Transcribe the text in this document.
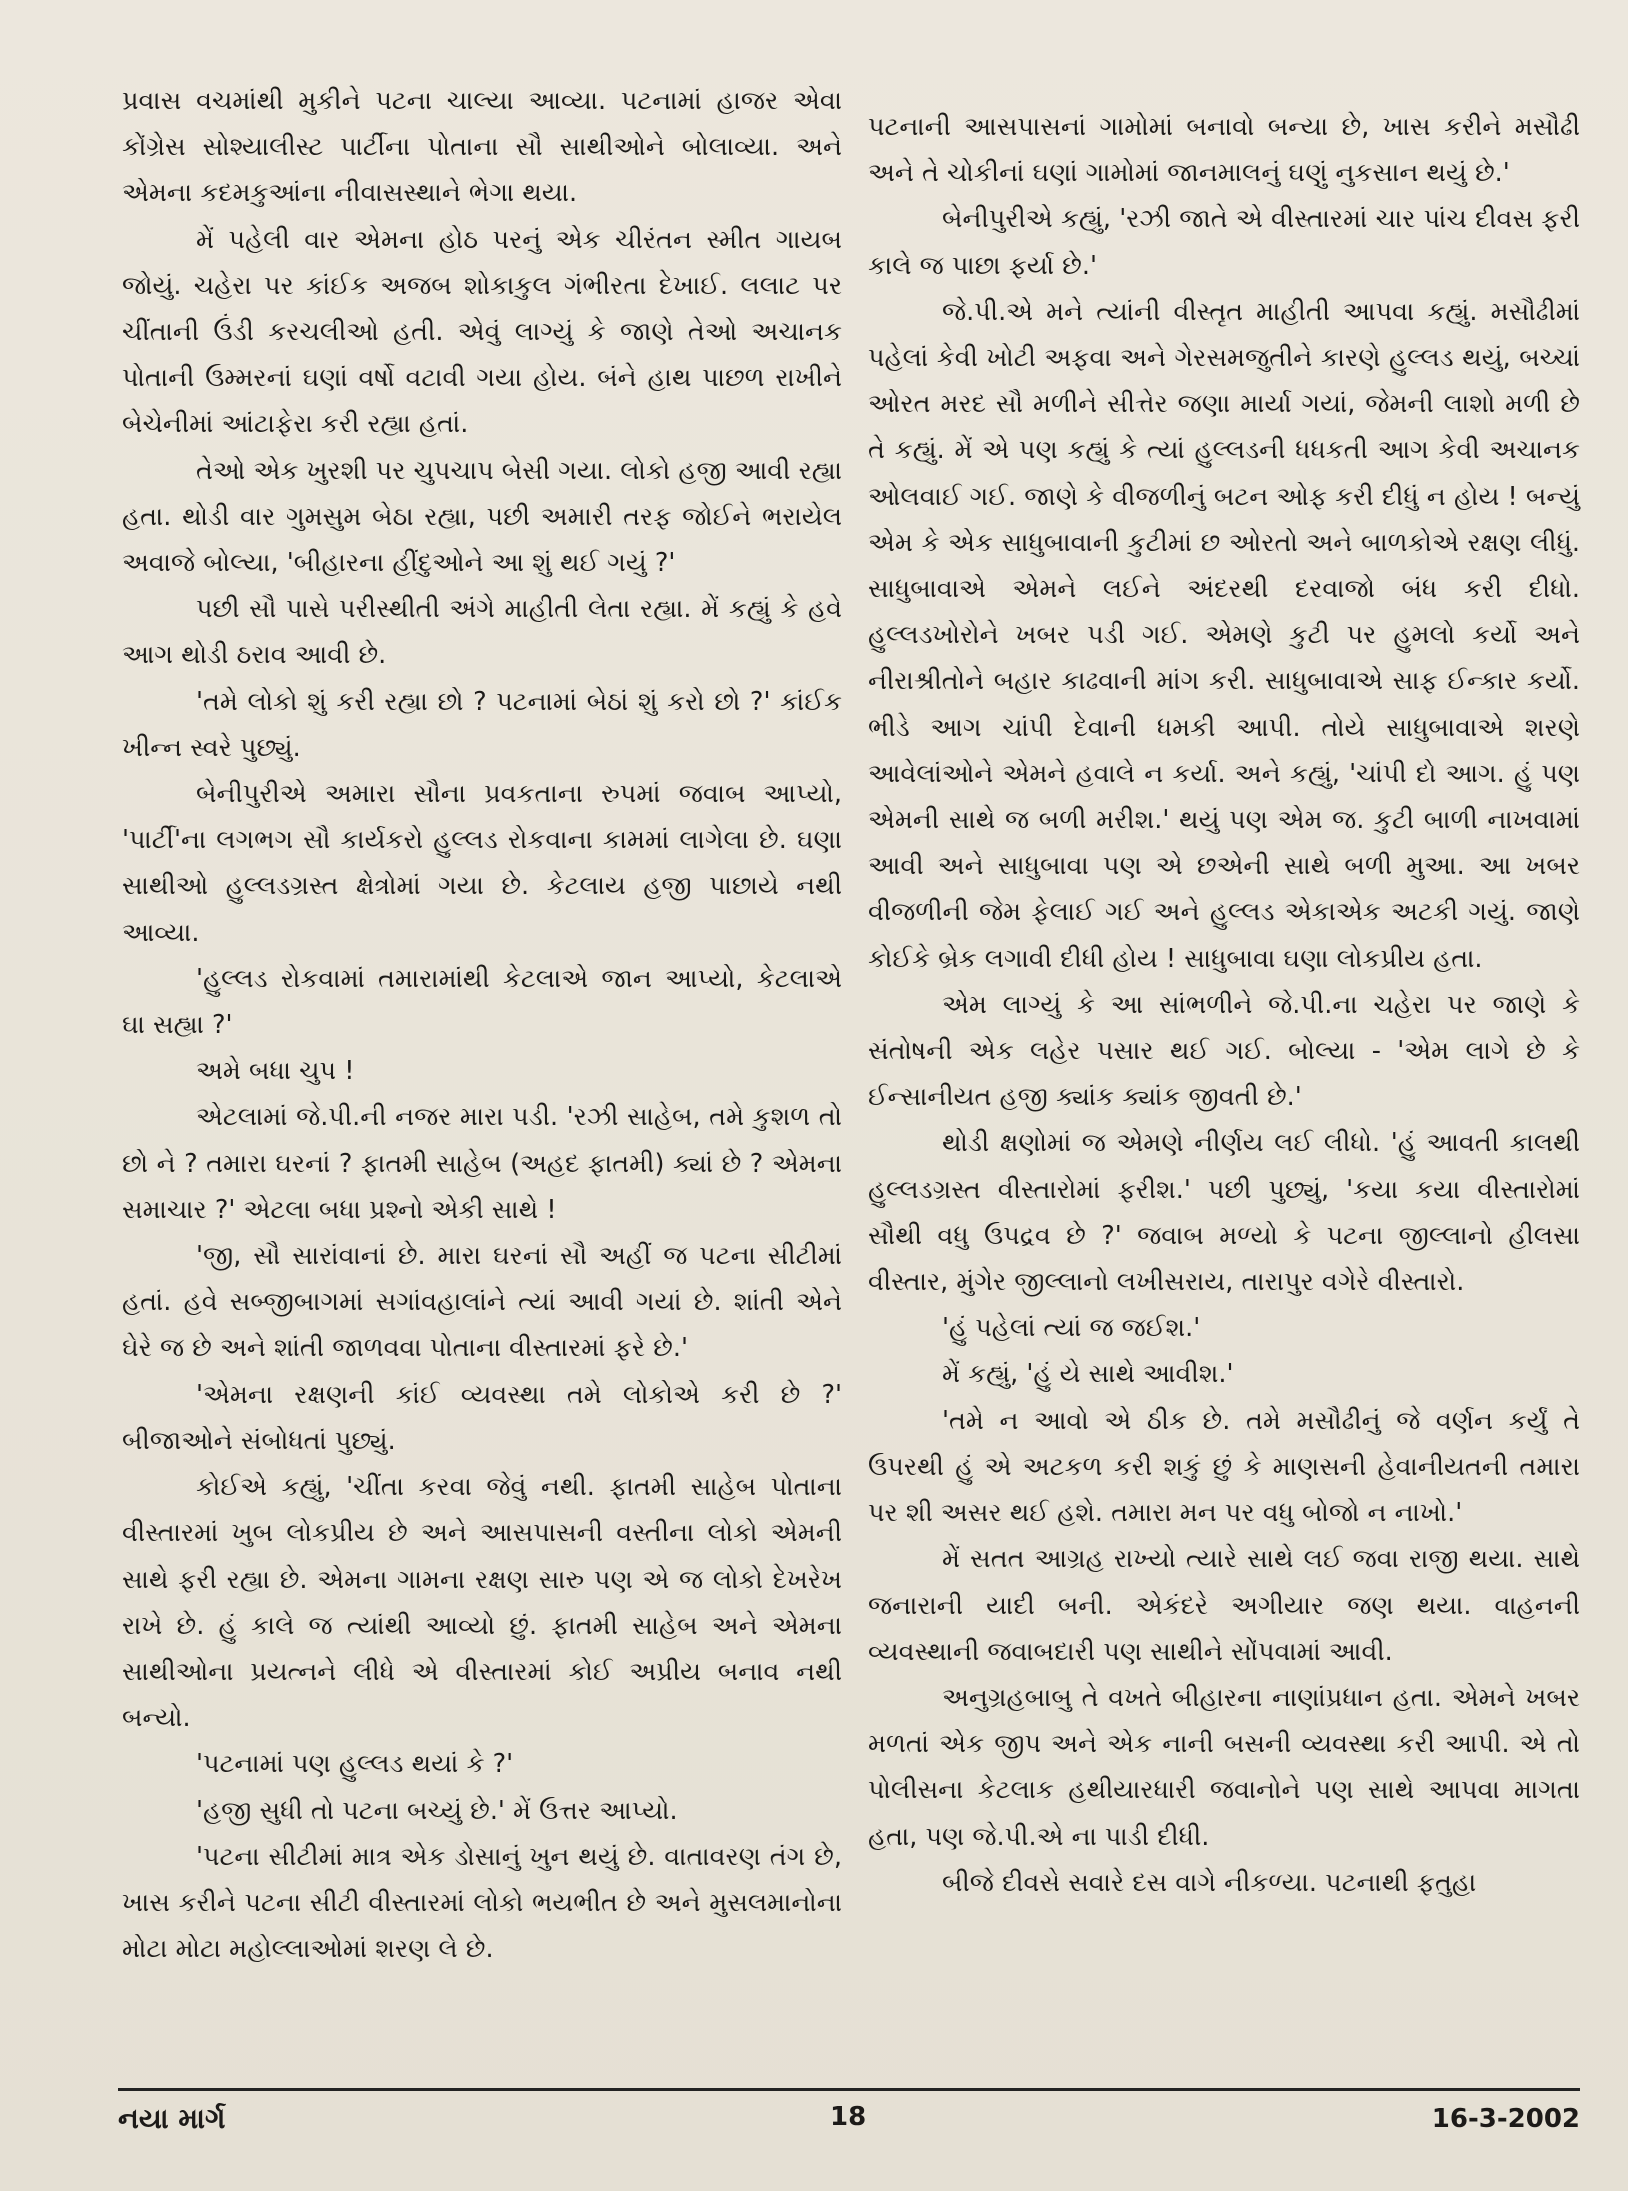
પ્રવાસ વચમાંથી મુકીને પટના ચાલ્યા આવ્યા. પટનામાં હાજર એવા કોંગ્રેસ સોશ્યાલીસ્ટ પાર્ટીના પોતાના સૌ સાથીઓને બોલાવ્યા. અને એમના કદમકુઆંના નીવાસસ્થાને ભેગા થયા.

મેં પહેલી વાર એમના હોઠ પરનું એક ચીરંતન સ્મીત ગાયબ જોયું. ચહેરા પર કાંઈક અજબ શોકાકુલ ગંભીરતા દેખાઈ. લલાટ પર ચીંતાની ઉંડી કરચલીઓ હતી. એવું લાગ્યું કે જાણે તેઓ અચાનક પોતાની ઉમ્મરનાં ઘણાં વર્ષો વટાવી ગયા હોય. બંને હાથ પાછળ રાખીને બેચેનીમાં આંટાફેરા કરી રહ્યા હતાં.

તેઓ એક ખુરશી પર ચુપચાપ બેસી ગયા. લોકો હજી આવી રહ્યા હતા. થોડી વાર ગુમસુમ બેઠા રહ્યા, પછી અમારી તરફ જોઈને ભરાયેલ અવાજે બોલ્યા, 'બીહારના હીંદુઓને આ શું થઈ ગયું ?'

પછી સૌ પાસે પરીસ્થીતી અંગે માહીતી લેતા રહ્યા. મેં કહ્યું કે હવે આગ થોડી ઠરાવ આવી છે.

'તમે લોકો શું કરી રહ્યા છો ? પટનામાં બેઠાં શું કરો છો ?' કાંઈક ખીન્ન સ્વરે પુછ્યું.

બેનીપુરીએ અમારા સૌના પ્રવકતાના રુપમાં જવાબ આપ્યો, 'પાર્ટી'ના લગભગ સૌ કાર્યકરો હુલ્લડ રોકવાના કામમાં લાગેલા છે. ઘણા સાથીઓ હુલ્લડગ્રસ્ત ક્ષેત્રોમાં ગયા છે. કેટલાય હજી પાછાયે નથી આવ્યા.

'હુલ્લડ રોકવામાં તમારામાંથી કેટલાએ જાન આપ્યો, કેટલાએ ઘા સહ્યા ?'

અમે બધા ચુપ !

એટલામાં જે.પી.ની નજર મારા પડી. 'રઝી સાહેબ, તમે કુશળ તો છો ને ? તમારા ઘરનાં ? ફાતમી સાહેબ (અહદ ફાતમી) ક્યાં છે ? એમના સમાચાર ?' એટલા બધા પ્રશ્નો એકી સાથે !

'જી, સૌ સારાંવાનાં છે. મારા ઘરનાં સૌ અહીં જ પટના સીટીમાં હતાં. હવે સબ્જીબાગમાં સગાંવહાલાંને ત્યાં આવી ગયાં છે. શાંતી એને ઘેરે જ છે અને શાંતી જાળવવા પોતાના વીસ્તારમાં ફરે છે.'

'એમના રક્ષણની કાંઈ વ્યવસ્થા તમે લોકોએ કરી છે ?' બીજાઓને સંબોધતાં પુછ્યું.

કોઈએ કહ્યું, 'ચીંતા કરવા જેવું નથી. ફાતમી સાહેબ પોતાના વીસ્તારમાં ખુબ લોકપ્રીય છે અને આસપાસની વસ્તીના લોકો એમની સાથે ફરી રહ્યા છે. એમના ગામના રક્ષણ સારુ પણ એ જ લોકો દેખરેખ રાખે છે. હું કાલે જ ત્યાંથી આવ્યો છું. ફાતમી સાહેબ અને એમના સાથીઓના પ્રયત્નને લીધે એ વીસ્તારમાં કોઈ અપ્રીય બનાવ નથી બન્યો.

'પટનામાં પણ હુલ્લડ થયાં કે ?'

'હજી સુધી તો પટના બચ્યું છે.' મેં ઉત્તર આપ્યો.

'પટના સીટીમાં માત્ર એક ડોસાનું ખુન થયું છે. વાતાવરણ તંગ છે, ખાસ કરીને પટના સીટી વીસ્તારમાં લોકો ભયભીત છે અને મુસલમાનોના મોટા મોટા મહોલ્લાઓમાં શરણ લે છે.

પટનાની આસપાસનાં ગામોમાં બનાવો બન્યા છે, ખાસ કરીને મસૌઢી અને તે ચોકીનાં ઘણાં ગામોમાં જાનમાલનું ઘણું નુકસાન થયું છે.'

બેનીપુરીએ કહ્યું, 'રઝી જાતે એ વીસ્તારમાં ચાર પાંચ દીવસ ફરી કાલે જ પાછા ફર્યા છે.'

જે.પી.એ મને ત્યાંની વીસ્તૃત માહીતી આપવા કહ્યું. મસૌઢીમાં પહેલાં કેવી ખોટી અફવા અને ગેરસમજુતીને કારણે હુલ્લડ થયું, બચ્ચાં ઓરત મરદ સૌ મળીને સીત્તેર જણા માર્યા ગયાં, જેમની લાશો મળી છે તે કહ્યું. મેં એ પણ કહ્યું કે ત્યાં હુલ્લડની ધધકતી આગ કેવી અચાનક ઓલવાઈ ગઈ. જાણે કે વીજળીનું બટન ઓફ કરી દીધું ન હોય ! બન્યું એમ કે એક સાધુબાવાની કુટીમાં છ ઓરતો અને બાળકોએ રક્ષણ લીધું. સાધુબાવાએ એમને લઈને અંદરથી દરવાજો બંધ કરી દીધો. હુલ્લડખોરોને ખબર પડી ગઈ. એમણે કુટી પર હુમલો કર્યો અને નીરાશ્રીતોને બહાર કાઢવાની માંગ કરી. સાધુબાવાએ સાફ ઈન્કાર કર્યો. ભીડે આગ ચાંપી દેવાની ધમકી આપી. તોયે સાધુબાવાએ શરણે આવેલાંઓને એમને હવાલે ન કર્યા. અને કહ્યું, 'ચાંપી દો આગ. હું પણ એમની સાથે જ બળી મરીશ.' થયું પણ એમ જ. કુટી બાળી નાખવામાં આવી અને સાધુબાવા પણ એ છએની સાથે બળી મુઆ. આ ખબર વીજળીની જેમ ફેલાઈ ગઈ અને હુલ્લડ એકાએક અટકી ગયું. જાણે કોઈકે બ્રેક લગાવી દીધી હોય ! સાધુબાવા ઘણા લોકપ્રીય હતા.

એમ લાગ્યું કે આ સાંભળીને જે.પી.ના ચહેરા પર જાણે કે સંતોષની એક લહેર પસાર થઈ ગઈ. બોલ્યા - 'એમ લાગે છે કે ઈન્સાનીયત હજી ક્યાંક ક્યાંક જીવતી છે.'

થોડી ક્ષણોમાં જ એમણે નીર્ણય લઈ લીધો. 'હું આવતી કાલથી હુલ્લડગ્રસ્ત વીસ્તારોમાં ફરીશ.' પછી પુછ્યું, 'કયા કયા વીસ્તારોમાં સૌથી વધુ ઉપદ્રવ છે ?' જવાબ મળ્યો કે પટના જીલ્લાનો હીલસા વીસ્તાર, મુંગેર જીલ્લાનો લખીસરાય, તારાપુર વગેરે વીસ્તારો.

'હું પહેલાં ત્યાં જ જઈશ.'

મેં કહ્યું, 'હું યે સાથે આવીશ.'

'તમે ન આવો એ ઠીક છે. તમે મસૌઢીનું જે વર્ણન કર્યું તે ઉપરથી હું એ અટકળ કરી શકું છું કે માણસની હેવાનીયતની તમારા પર શી અસર થઈ હશે. તમારા મન પર વધુ બોજો ન નાખો.'

મેં સતત આગ્રહ રાખ્યો ત્યારે સાથે લઈ જવા રાજી થયા. સાથે જનારાની યાદી બની. એકંદરે અગીયાર જણ થયા. વાહનની વ્યવસ્થાની જવાબદારી પણ સાથીને સોંપવામાં આવી.

અનુગ્રહબાબુ તે વખતે બીહારના નાણાંપ્રધાન હતા. એમને ખબર મળતાં એક જીપ અને એક નાની બસની વ્યવસ્થા કરી આપી. એ તો પોલીસના કેટલાક હથીયારધારી જવાનોને પણ સાથે આપવા માગતા હતા, પણ જે.પી.એ ના પાડી દીધી.

બીજે દીવસે સવારે દસ વાગે નીકળ્યા. પટનાથી ફતુહા

નયા માર્ગ	18	16-3-2002
